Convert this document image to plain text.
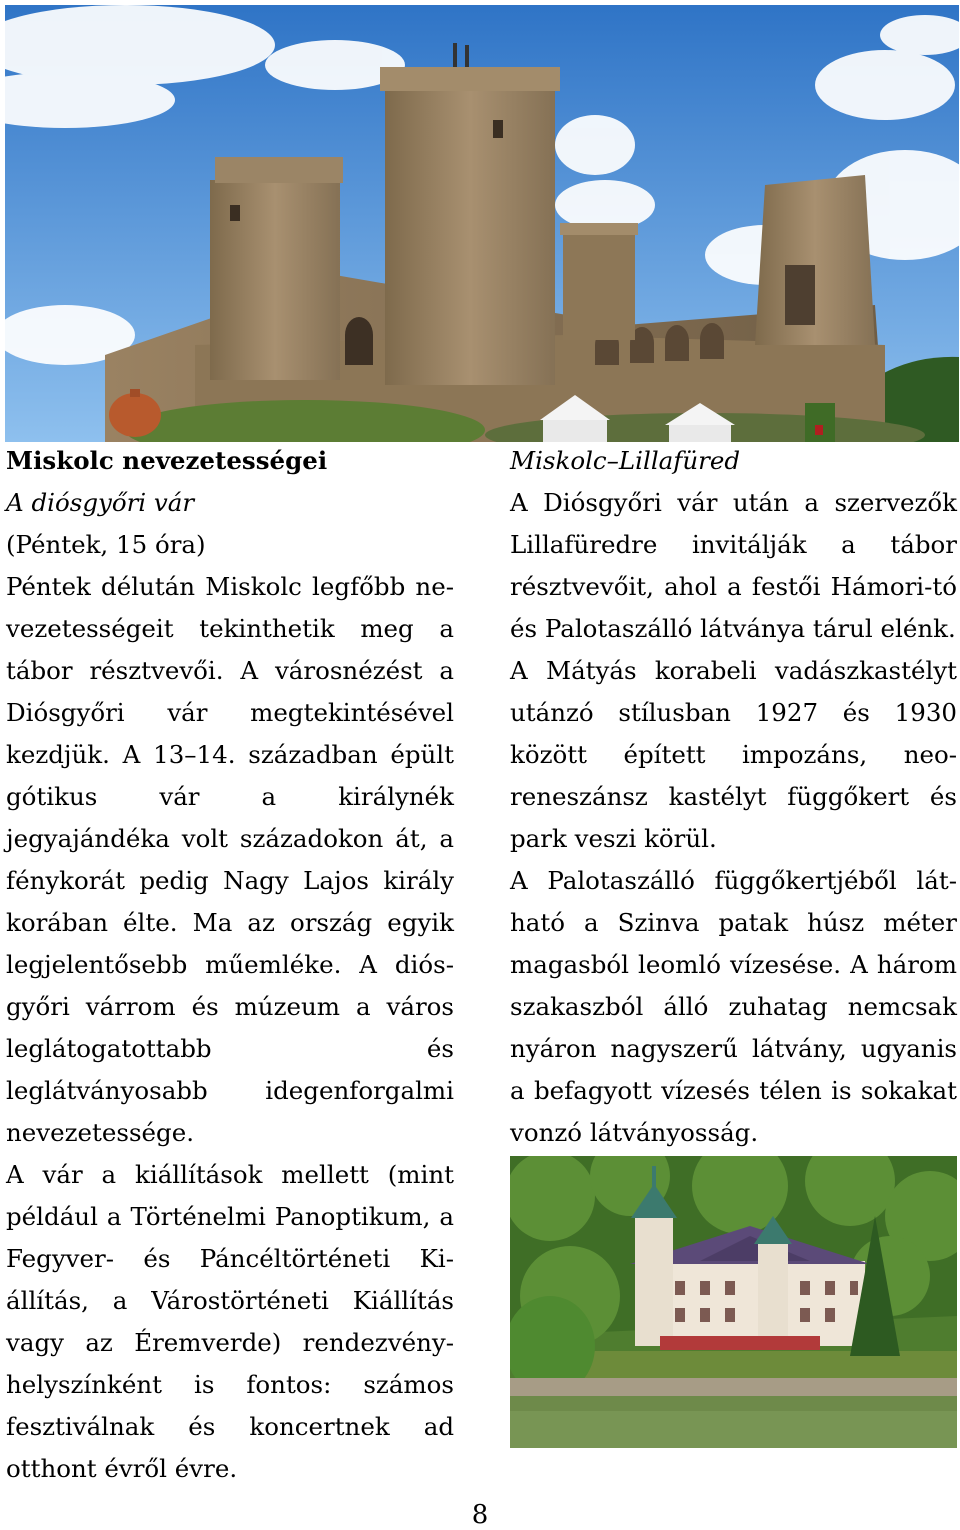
Miskolc nevezetességei
A diósgyőri vár
(Péntek, 15 óra)

Péntek délután Miskolc legfőbb nevezetességeit tekinthetik meg a tábor résztvevői. A városnézést a Diósgyőri vár megtekintésével kezdjük. A 13–14. században épült gótikus vár a királynék jegyajándéka volt századokon át, a fénykorát pedig Nagy Lajos király korában élte. Ma az ország egyik legjelentősebb műemléke. A diósgyőri várrom és múzeum a város leglátogatottabb és leglátványosabb idegenforgalmi nevezetessége.

A vár a kiállítások mellett (mint például a Történelmi Panoptikum, a Fegyver- és Páncéltörténeti Kiállítás, a Várostörténeti Kiállítás vagy az Éremverde) rendezvényhelyszínként is fontos: számos fesztiválnak és koncertnek ad otthont évről évre.

Miskolc–Lillafüred

A Diósgyőri vár után a szervezők Lillafüredre invitálják a tábor résztvevőit, ahol a festői Hámori-tó és Palotaszálló látványa tárul elénk.

A Mátyás korabeli vadászkastélyt utánzó stílusban 1927 és 1930 között épített impozáns, neoreneszánsz kastélyt függőkert és park veszi körül.

A Palotaszálló függőkertjéből látható a Szinva patak húsz méter magasból leomló vízesése. A három szakaszból álló zuhatag nemcsak nyáron nagyszerű látvány, ugyanis a befagyott vízesés télen is sokakat vonzó látványosság.

8
